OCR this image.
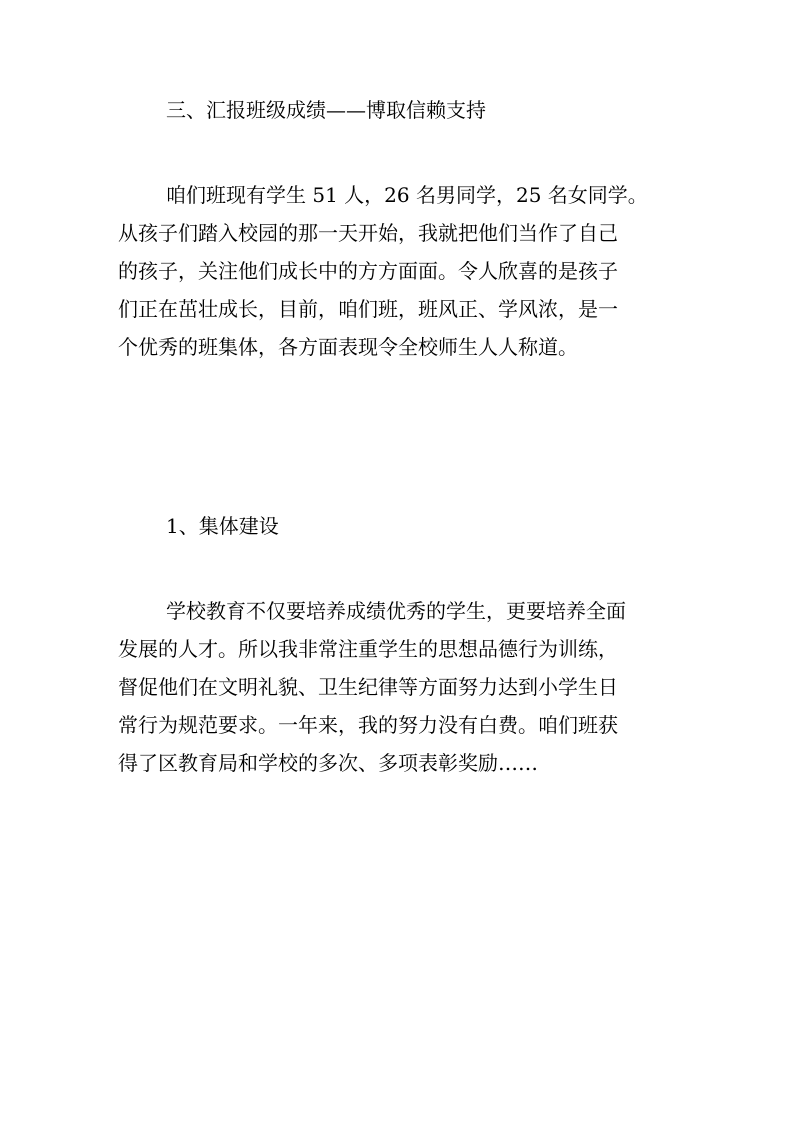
三、汇报班级成绩——博取信赖支持

咱们班现有学生 51 人，26 名男同学，25 名女同学。
从孩子们踏入校园的那一天开始，我就把他们当作了自己
的孩子，关注他们成长中的方方面面。令人欣喜的是孩子
们正在茁壮成长，目前，咱们班，班风正、学风浓，是一
个优秀的班集体，各方面表现令全校师生人人称道。

1、集体建设

学校教育不仅要培养成绩优秀的学生，更要培养全面
发展的人才。所以我非常注重学生的思想品德行为训练，
督促他们在文明礼貌、卫生纪律等方面努力达到小学生日
常行为规范要求。一年来，我的努力没有白费。咱们班获
得了区教育局和学校的多次、多项表彰奖励……
